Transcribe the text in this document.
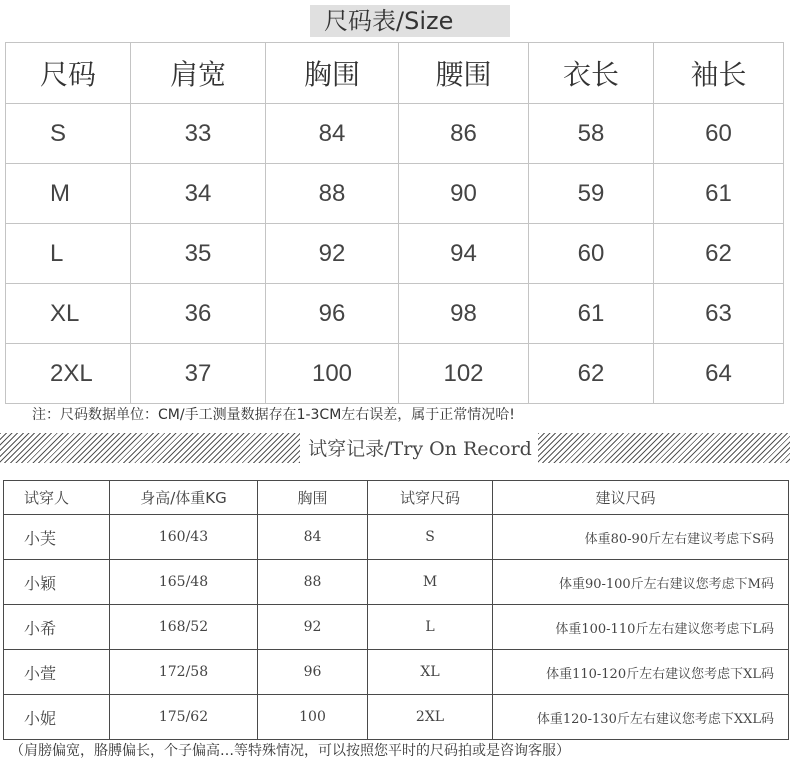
尺码表/Size
尺码	肩宽	胸围	腰围	衣长	袖长
S	33	84	86	58	60
M	34	88	90	59	61
L	35	92	94	60	62
XL	36	96	98	61	63
2XL	37	100	102	62	64
注：尺码数据单位：CM/手工测量数据存在1-3CM左右误差，属于正常情况哈!
试穿记录/Try On Record
试穿人	身高/体重KG	胸围	试穿尺码	建议尺码
小芙	160/43	84	S	体重80-90斤左右建议考虑下S码
小颖	165/48	88	M	体重90-100斤左右建议您考虑下M码
小希	168/52	92	L	体重100-110斤左右建议您考虑下L码
小萱	172/58	96	XL	体重110-120斤左右建议您考虑下XL码
小妮	175/62	100	2XL	体重120-130斤左右建议您考虑下XXL码
（肩膀偏宽，胳膊偏长，个子偏高…等特殊情况，可以按照您平时的尺码拍或是咨询客服）
